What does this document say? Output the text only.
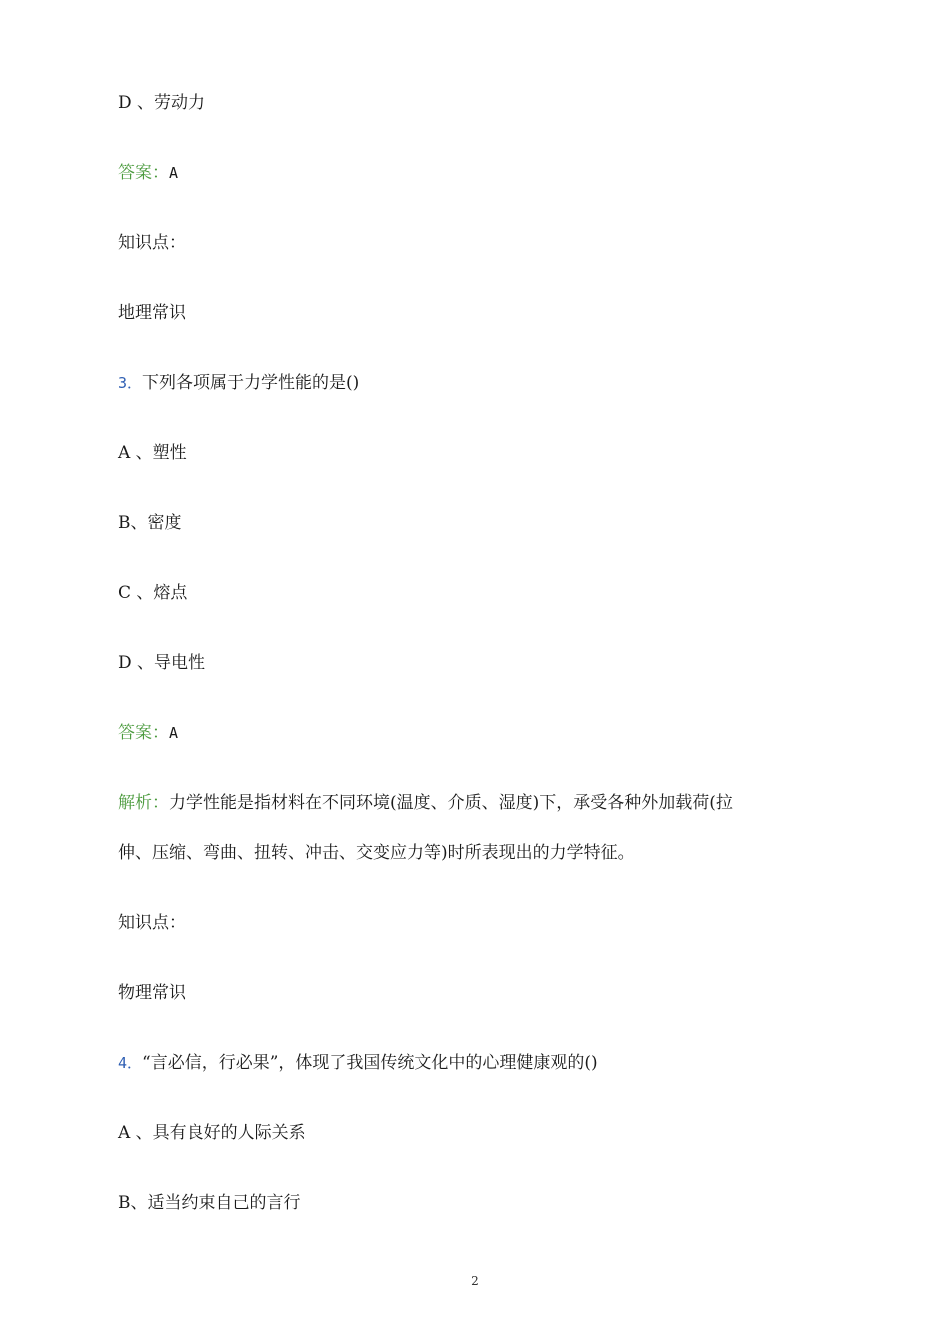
D 、劳动力
答案：A
知识点：
地理常识
3．下列各项属于力学性能的是()
A 、塑性
B、密度
C 、熔点
D 、导电性
答案：A
解析：力学性能是指材料在不同环境(温度、介质、湿度)下，承受各种外加载荷(拉
伸、压缩、弯曲、扭转、冲击、交变应力等)时所表现出的力学特征。
知识点：
物理常识
4．“言必信，行必果”，体现了我国传统文化中的心理健康观的()
A 、具有良好的人际关系
B、适当约束自己的言行
2
